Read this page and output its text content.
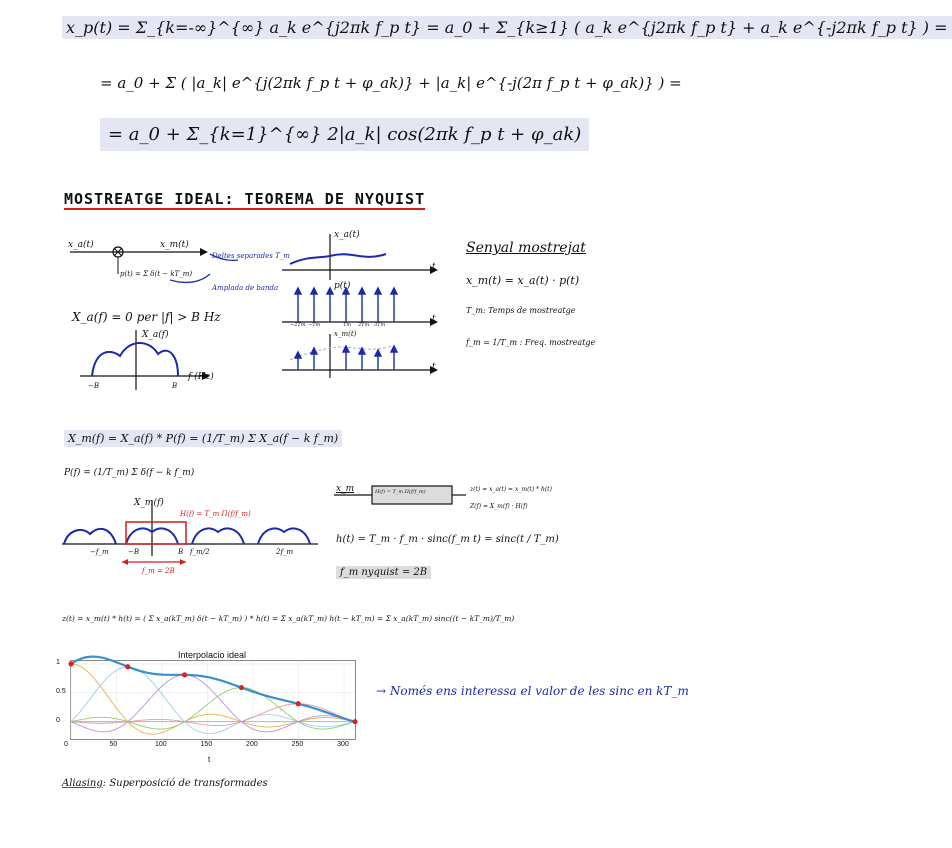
x_p(t) = Σ_{k=-∞}^{∞} a_k e^{j2πk f_p t} = a_0 + Σ_{k≥1} ( a_k e^{j2πk f_p t} + a_k e^{-j2πk f_p t} ) =
= a_0 + Σ ( |a_k| e^{j(2πk f_p t + φ_ak)} + |a_k| e^{-j(2π f_p t + φ_ak)} ) =
= a_0 + Σ_{k=1}^{∞} 2|a_k| cos(2πk f_p t + φ_ak)
MOSTREATGE IDEAL: TEOREMA DE NYQUIST
x_a(t)	x_m(t)
p(t) = Σ δ(t − kT_m)
Deltes separades T_m
Amplada de banda
X_a(f) = 0 per |f| > B Hz
X_a(f)
f (Hz)
−B	B
x_a(t)
p(t)
x_m(t)
t
t
t
−2Tm −Tm	Tm 2Tm 3Tm
Senyal mostrejat
x_m(t) = x_a(t) · p(t)
T_m: Temps de mostreatge
f_m = 1/T_m : Freq. mostreatge
X_m(f) = X_a(f) * P(f) = (1/T_m) Σ X_a(f − k f_m)
P(f) = (1/T_m) Σ δ(f − k f_m)
X_m(f)
H(f) = T_m Π(f/f_m)
−f_m	−B	B f_m/2	2f_m
f_m = 2B
x_m	H(f) = T_m Π(f/f_m)	z(t) = x_a(t) = x_m(t) * h(t)
Z(f) = X_m(f) · H(f)
h(t) = T_m · f_m · sinc(f_m t) = sinc(t / T_m)
f_m nyquist = 2B
z(t) = x_m(t) * h(t) = ( Σ x_a(kT_m) δ(t − kT_m) ) * h(t) = Σ x_a(kT_m) h(t − kT_m) = Σ x_a(kT_m) sinc((t − kT_m)/T_m)
Interpolacio ideal
0	50	100	150	200	250	300
0
0.5
1
t
→ Només ens interessa el valor de les sinc en kT_m
Aliasing: Superposició de transformades
